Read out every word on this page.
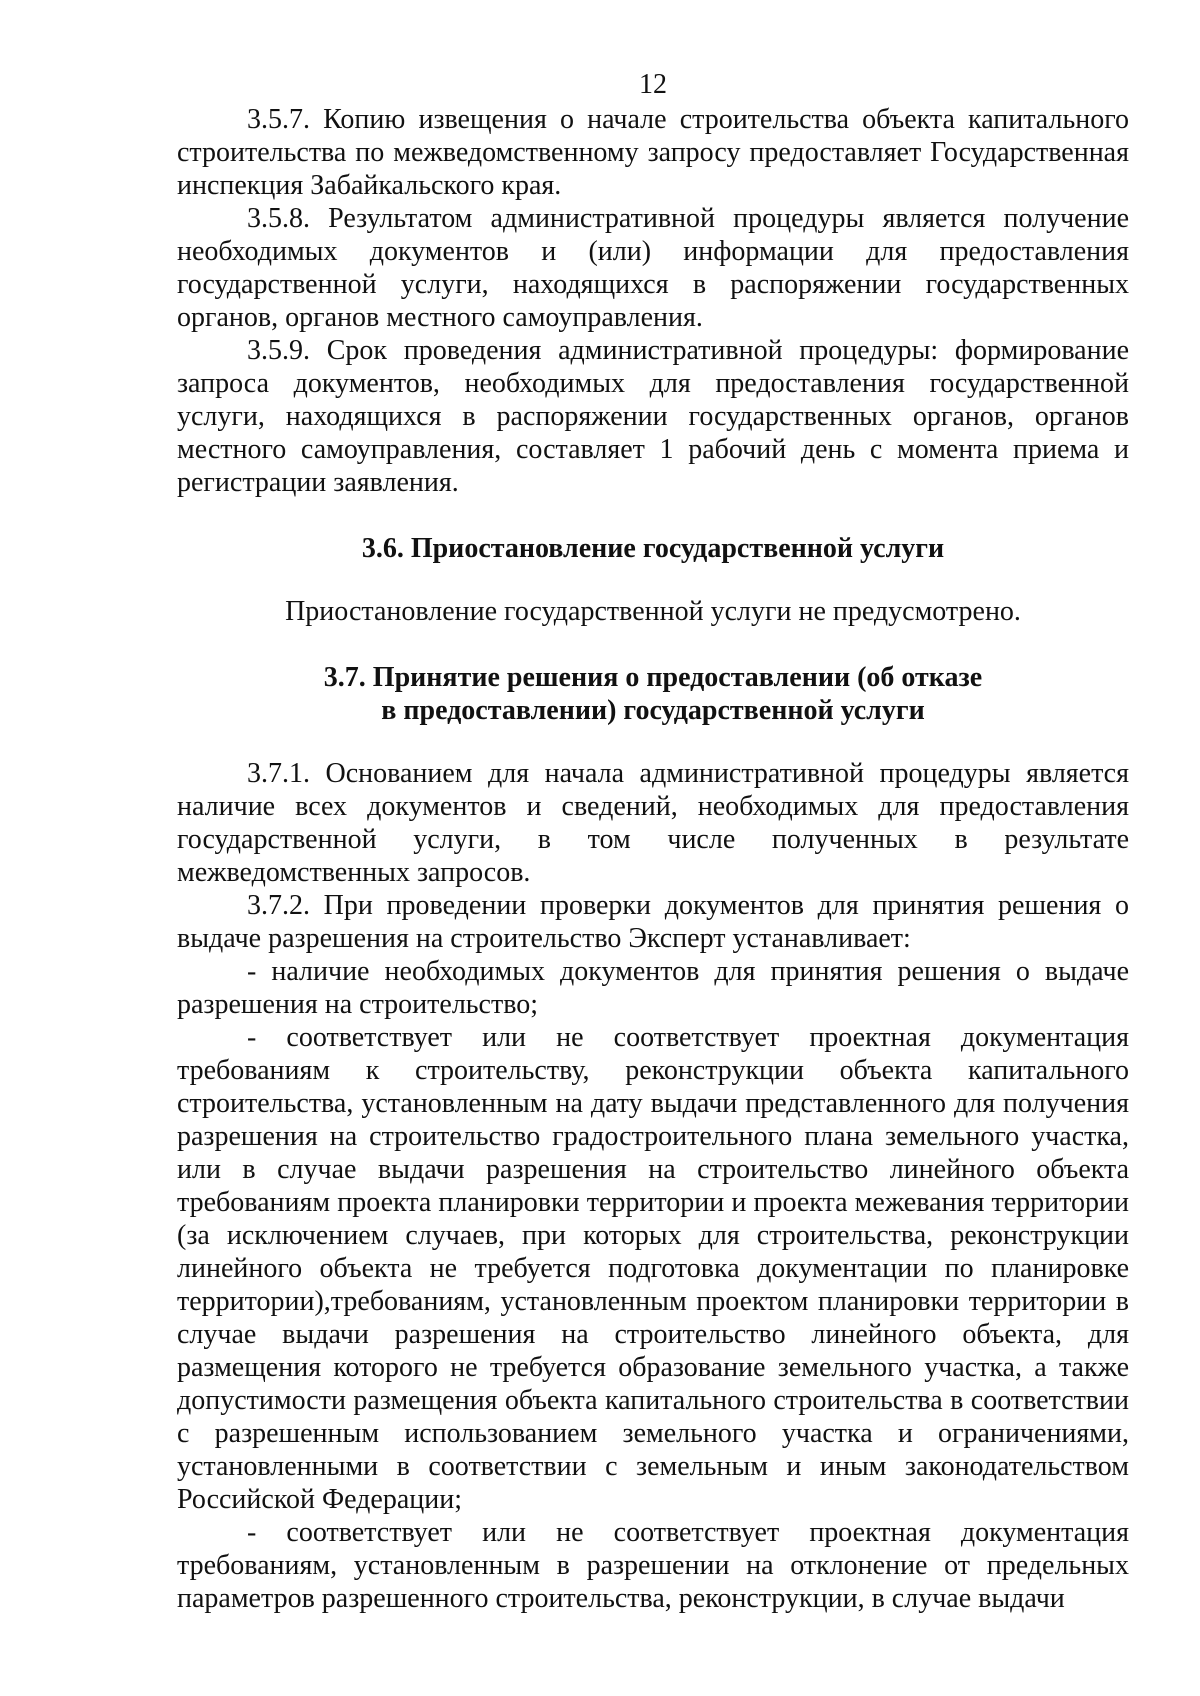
12

3.5.7. Копию извещения о начале строительства объекта капитального строительства по межведомственному запросу предоставляет Государственная инспекция Забайкальского края.

3.5.8. Результатом административной процедуры является получение необходимых документов и (или) информации для предоставления государственной услуги, находящихся в распоряжении государственных органов, органов местного самоуправления.

3.5.9. Срок проведения административной процедуры: формирование запроса документов, необходимых для предоставления государственной услуги, находящихся в распоряжении государственных органов, органов местного самоуправления, составляет 1 рабочий день с момента приема и регистрации заявления.

3.6. Приостановление государственной услуги

Приостановление государственной услуги не предусмотрено.

3.7. Принятие решения о предоставлении (об отказе

в предоставлении) государственной услуги

3.7.1. Основанием для начала административной процедуры является наличие всех документов и сведений, необходимых для предоставления государственной услуги, в том числе полученных в результате межведомственных запросов.

3.7.2. При проведении проверки документов для принятия решения о выдаче разрешения на строительство Эксперт устанавливает:

- наличие необходимых документов для принятия решения о выдаче разрешения на строительство;

- соответствует или не соответствует проектная документация требованиям к строительству, реконструкции объекта капитального строительства, установленным на дату выдачи представленного для получения разрешения на строительство градостроительного плана земельного участка, или в случае выдачи разрешения на строительство линейного объекта требованиям проекта планировки территории и проекта межевания территории (за исключением случаев, при которых для строительства, реконструкции линейного объекта не требуется подготовка документации по планировке территории),требованиям, установленным проектом планировки территории в случае выдачи разрешения на строительство линейного объекта, для размещения которого не требуется образование земельного участка, а также допустимости размещения объекта капитального строительства в соответствии с разрешенным использованием земельного участка и ограничениями, установленными в соответствии с земельным и иным законодательством Российской Федерации;

- соответствует или не соответствует проектная документация требованиям, установленным в разрешении на отклонение от предельных параметров разрешенного строительства, реконструкции, в случае выдачи
